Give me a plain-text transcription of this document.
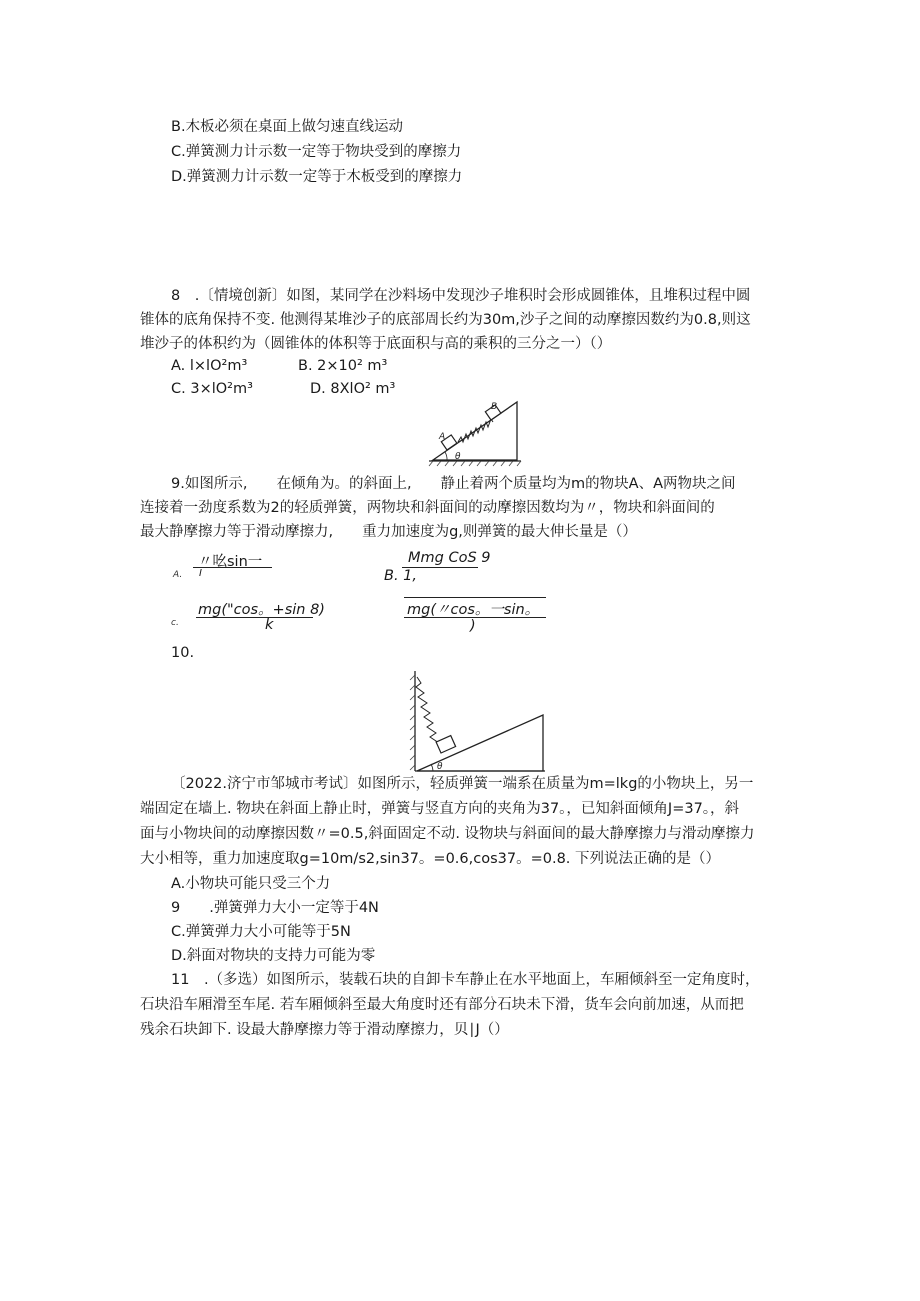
B.木板必须在桌面上做匀速直线运动
C.弹簧测力计示数一定等于物块受到的摩擦力
D.弹簧测力计示数一定等于木板受到的摩擦力
8　.〔情境创新〕如图，某同学在沙料场中发现沙子堆积时会形成圆锥体，且堆积过程中圆
锥体的底角保持不变. 他测得某堆沙子的底部周长约为30m,沙子之间的动摩擦因数约为0.8,则这
堆沙子的体积约为（圆锥体的体积等于底面积与高的乘积的三分之一）（）
A. l×lO²m³	B. 2×10² m³
C. 3×lO²m³	D. 8XlO² m³
A
B
θ
9.如图所示,　　在倾角为。的斜面上,　　静止着两个质量均为m的物块A、A两物块之间
连接着一劲度系数为2的轻质弹簧，两物块和斜面间的动摩擦因数均为〃，物块和斜面间的
最大静摩擦力等于滑动摩擦力,　　重力加速度为g,则弹簧的最大伸长量是（）
A.
〃吆sin一
I
Mmg CoS 9
B. 1,
c.
mg("cos。+sin 8)
k
mg(〃cos。一sin。
)
10.
θ
〔2022.济宁市邹城市考试〕如图所示，轻质弹簧一端系在质量为m=lkg的小物块上，另一
端固定在墙上. 物块在斜面上静止时，弹簧与竖直方向的夹角为37。，已知斜面倾角J=37。，斜
面与小物块间的动摩擦因数〃=0.5,斜面固定不动. 设物块与斜面间的最大静摩擦力与滑动摩擦力
大小相等，重力加速度取g=10m∕s2,sin37。=0.6,cos37。=0.8. 下列说法正确的是（）
A.小物块可能只受三个力
9　　.弹簧弹力大小一定等于4N
C.弹簧弹力大小可能等于5N
D.斜面对物块的支持力可能为零
11　.（多选）如图所示，装载石块的自卸卡车静止在水平地面上，车厢倾斜至一定角度时，
石块沿车厢滑至车尾. 若车厢倾斜至最大角度时还有部分石块未下滑，货车会向前加速，从而把
残余石块卸下. 设最大静摩擦力等于滑动摩擦力，贝∣J（）
